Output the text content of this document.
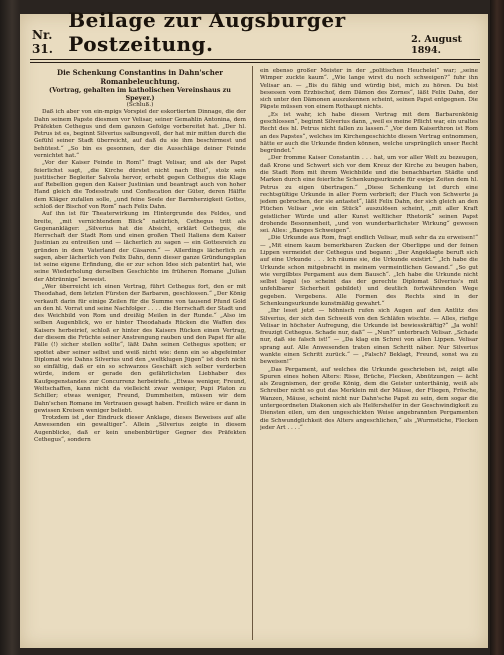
Nr. 31.
Beilage zur Augsburger Postzeitung.	2. August 1894.

Die Schenkung Constantins in Dahn'scher Romanbeleuchtung.

(Vortrag, gehalten im katholischen Vereinshaus zu Speyer.)

(Schluß.)

Daß ich aber von ein-mpigs Vorspiel der eskortierten Dinnage, die der Dahn seinem Papste diesmen vor Velisar, seiner Gemahlin Antonina, dem Präfekten Cethegus und dem ganzen Gefolge vorbereitet hat. „Der hl. Petrus ist es, beginnt Silverius salbungsvoll, der hat mir mitten durch die Gefühl seiner Stadt überreicht, auf daß du sie ihm beschirmest und behütest.“ „So bin es gesonnen, der die Ausschläge deiner Feinde vernichtet hat.“

„Vor der Kaiser Feinde in Rom!“ fragt Velisar, und als der Papst feierlichst sagt, „die Kirche dürstet nicht nach Blut“, stolz sein justitischer Begleiter Salvola hervor, erhebt gegen Cethegus die Klage auf Rebellion gegen den Kaiser Justinian und beantragt auch von hoher Hand gleich die Todesstrafe und Confiscation der Güter, deren Hälfte dem Kläger zufallen solle, „und feine Seele der Barmherzigkeit Gottes, schloß der Bischof von Rom“ nach Felix Dahn.

Auf ihn ist für Theaterwirkung im Hintergrunde des Feldes, und breite, „mit vernichtendem Blick“ natürlich, Cethegus tritt als Gegenankläger: „Silverius hat die Absicht, erklärt Cethegus, die Herrschaft der Stadt Rom und einen großen Theil Italiens dem Kaiser Justinian zu entreißen und — lächerlich zu sagen — ein Gottesreich zu gründen in dem Vaterland der Cäsaren.“ — Allerdings lächerlich zu sagen, aber lächerlich von Felix Dahn, denn dieser ganze Gründungsplan ist seine eigene Erfindung, die er zur schon Idee sich patentirt hat, wie seine Wiederholung derselben Geschichte im früheren Romane „Julian der Abtrünnige“ beweist.

„Wer überreicht ich einen Vertrag, führt Cethegus fort, den er mit Theodahad, dem letzten Fürsten der Barbaren, geschlossen.“ „Der König verkauft darin für einige Zeilen für die Summe von tausend Pfund Gold an den hl. Vorrat und seine Nachfolger . . . . die Herrschaft der Stadt und des Weichbild von Rom und dreißig Meilen in der Runde.“ „Also im selben Augenblick, wo er hinter Theodahads Rücken die Waffen des Kaisers herbeirief, schloß er hinter des Kaisers Rücken einen Vertrag, der diesem die Früchte seiner Anstrengung rauben und den Papst für alle Fälle (!) sicher stellen sollte“, läßt Dahn seinen Cethegus spotten; er spottet aber seiner selbst und weiß nicht wie: denn ein so abgefeimter Diplomat wie Dahns Silverius und den „weltklugen Jügen“ ist doch nicht so einfältig, daß er ein so schwarzes Geschäft sich selber verderben würde, indem er gerade den gefährlichsten Liebhaber des Kaufgegenstandes zur Concurrenz herbeiriefe. „Etwas weniger, Freund, Weltschaffen, kann nicht da vielleicht zwar weniger, Pupi Platon zu Schiller; etwas weniger, Freund, Dummheiten, müssen wir dem Dahn'schen Romane im Vertrauen gesagt haben. Freilich wäre er dann in gewissen Kreisen weniger beliebt.

Trotzdem ist „der Eindruck dieser Anklage, dieses Beweises auf alle Anwesenden ein gewaltiger“. Allein „Silverius zeigte in diesem Augenblicke, daß er kein unebenbürtiger Gegner des Präfekten Cethegus“, sondern

ein ebenso großer Meister in der „politischen Heuchelei“ war; „seine Wimper zuckte kaum“. „Wie lange wirst du noch schweigen?“ fuhr ihn Velisar an. — „Bis du fähig und würdig bist, mich zu hören. Du bist besessen vom Erzbischof, dem Dämon des Zornes“, läßt Felix Dahn, der sich unter den Dämonen auszukennen scheint, seinen Papst entgegnen. Die Päpste müssen von einem Rothaupt nichts.

„Es ist wahr, ich habe diesen Vertrag mit dem Barbarenkönig geschlossen“, beginnt Silverius dann, „weil es meine Pflicht war, ein uraltes Recht des hl. Petrus nicht fallen zu lassen.“ „Vor dem Kaiserthron ist Rom an des Papstes“, welches im Kirchengeschichte diesen Vertrag entnommen, hätte er auch die Urkunde finden können, welche ursprünglich unser Recht begründet.“

„Der fromme Kaiser Constantin . . . hat, um vor aller Welt zu bezeugen, daß Krone und Schwert sich vor dem Kreuz der Kirche zu beugen haben, die Stadt Rom mit ihrem Weichbilde und die benachbarten Städte und Marken durch eine feierliche Schenkungsurkunde für ewige Zeiten dem hl. Petrus zu eigen übertragen.“ „Diese Schenkung ist durch eine rechtsgültige Urkunde in aller Form verbrieft; der Fluch von Schwerte ja jedem gebrochen, der sie antastet“, läßt Felix Dahn, der sich gleich an den Flüchen Velisar „wie ein Stück“ auszulösen scheint, „mit aller Kraft geistlicher Würde und aller Kunst weltlicher Rhetorik“ seinen Papst drohende Besonnenheit, „und von wunderbarlichster Wirkung“ gewesen sei. Alles: „Banges Schweigen“.

„Die Urkunde aus Rom, fragt endlich Velisar, muß sehr da zu erweisen!“ — „Mit einem kaum bemerkbaren Zucken der Oberlippe und der feinen Lippen vermeidet der Cethegus und begann: „Der Angeklagte beruft sich auf eine Urkunde . . . Ich räume sie, die Urkunde existirt.“ „Ich habe die Urkunde schon mitgebracht in meinem vermeintlichen Gewand.“ „So gut wie vergilbtes Pergament aus dem Bausch“. „Ich habe die Urkunde nicht selbst legal (so scheint das der gerechte Diplomat Silverius's mit unfehlbarer Sicherheit gebildet) und deutlich fortwährenden Wege gegeben. Vergebens. Alle Formen des Rechts sind in der Schenkungsurkunde kunstmäßig gewahrt.“

„Ihr leset jetzt — höhnisch rufen sich Augen auf den Antlitz des Silverius, der sich den Schweiß von den Schläfen wischte. — Alles, riefige Velisar in höchster Aufregung, die Urkunde ist bewiesskräftig?“ „Ja wohl! freuzigt Cethegus. Schade nur, daß“ — „Nun?“ unterbrach Velisar. „Schade nur, daß sie falsch ist!“ — „Da klag ein Schrei von allen Lippen. Velisar sprang auf. Alle Anwesenden traten einen Schritt näher. Nur Silverius wankte einen Schritt zurück.“ — „Falsch? Beklagt, Freund, sonst wa zu beweisen!“

„Das Pergament, auf welches die Urkunde geschrieben ist, zeigt alle Spuren eines hohen Alters: Risse, Brüche, Flecken, Abnützungen — ächt als Zeugnismen, der große König, dem die Geister unterthänig, weiß als Schreiber nicht so gut das Merklein mit der Mäuse, der Fliegen, Frösche, Wanzen, Mäuse, scheint nicht nur Dahn'sche Papst zu sein, dem sogar die untergeordneten Diakonen sich als Helfershelfer in der Geschwindigkeit zu Diensten eilen, um den ungeschickten Weise angebrannten Pergamenten die Schwundglichkeit des Alters angeschlichen,“ als „Wurmstiche, Flecken jeder Art . . . .“
